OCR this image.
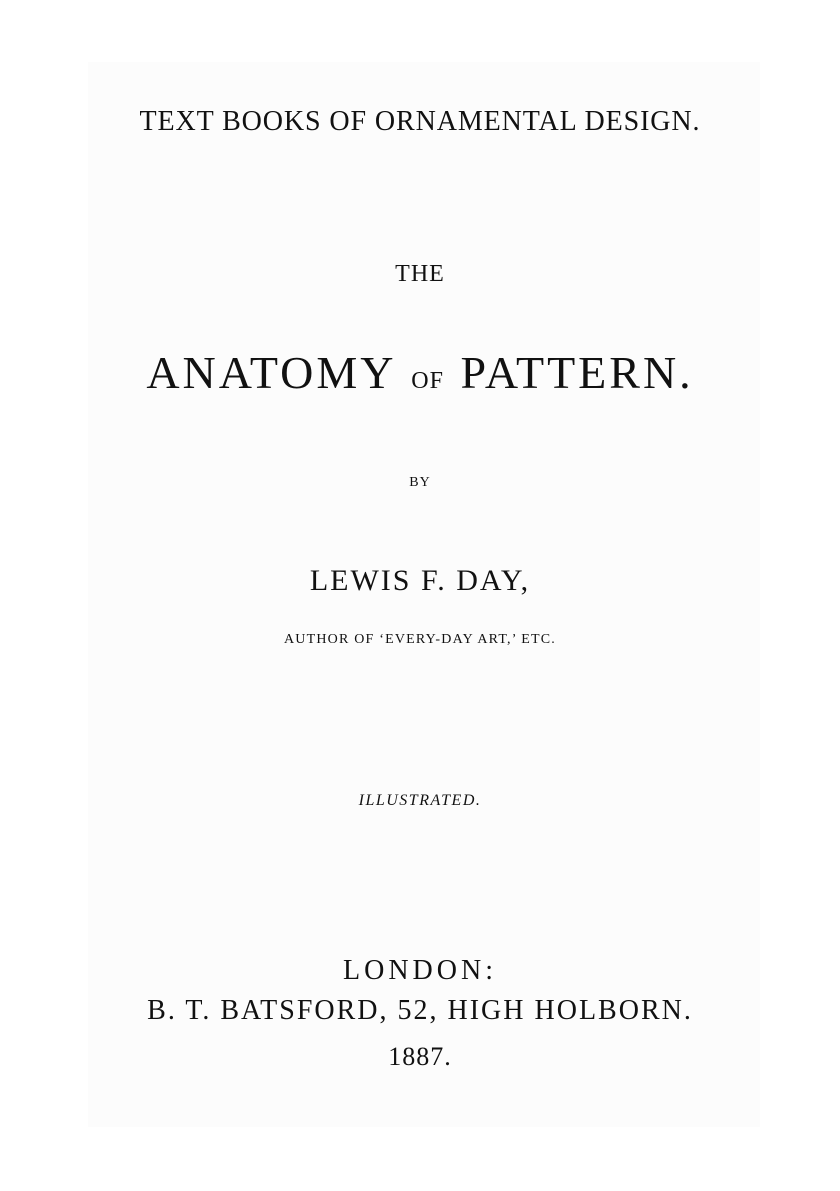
TEXT BOOKS OF ORNAMENTAL DESIGN.
THE
ANATOMY OF PATTERN.
BY
LEWIS F. DAY,
AUTHOR OF ‘EVERY-DAY ART,’ ETC.
ILLUSTRATED.
LONDON:
B. T. BATSFORD, 52, HIGH HOLBORN.
1887.
